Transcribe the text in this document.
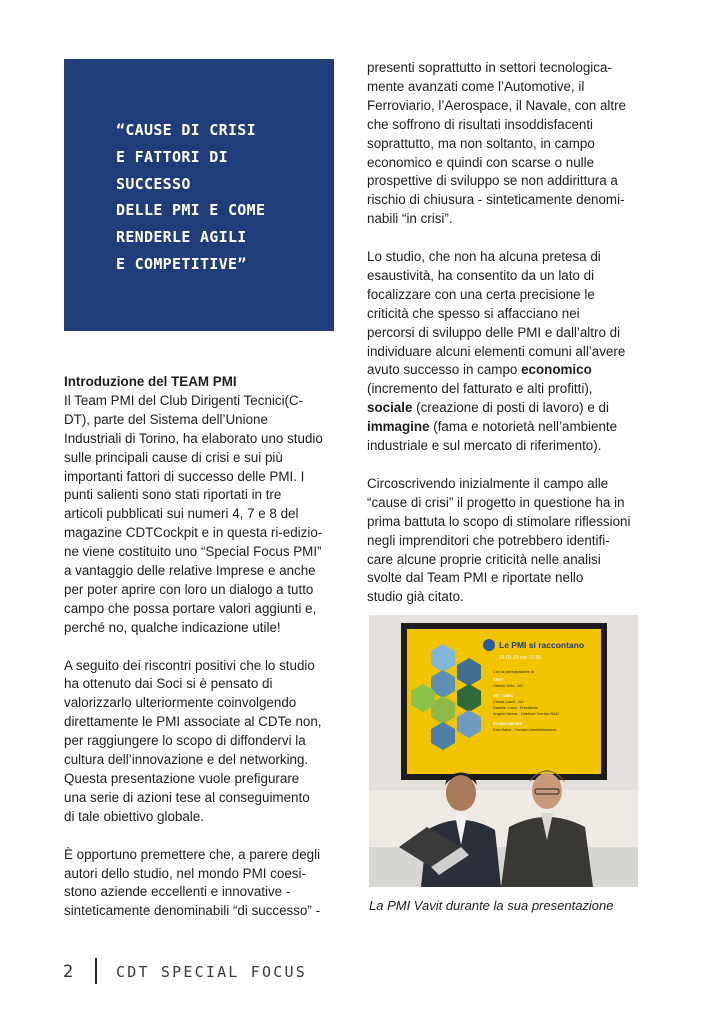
“CAUSE DI CRISI
E FATTORI DI
SUCCESSO
DELLE PMI E COME
RENDERLE AGILI
E COMPETITIVE”
Introduzione del TEAM PMI

Il Team PMI del Club Dirigenti Tecnici(C-
DT), parte del Sistema dell’Unione
Industriali di Torino, ha elaborato uno studio
sulle principali cause di crisi e sui più
importanti fattori di successo delle PMI. I
punti salienti sono stati riportati in tre
articoli pubblicati sui numeri 4, 7 e 8 del
magazine CDTCockpit e in questa ri-edizio-
ne viene costituito uno “Special Focus PMI”
a vantaggio delle relative Imprese e anche
per poter aprire con loro un dialogo a tutto
campo che possa portare valori aggiunti e,
perché no, qualche indicazione utile!

A seguito dei riscontri positivi che lo studio
ha ottenuto dai Soci si è pensato di
valorizzarlo ulteriormente coinvolgendo
direttamente le PMI associate al CDTe non,
per raggiungere lo scopo di diffondervi la
cultura dell’innovazione e del networking.
Questa presentazione vuole prefigurare
una serie di azioni tese al conseguimento
di tale obiettivo globale.

È opportuno premettere che, a parere degli
autori dello studio, nel mondo PMI coesi-
stono aziende eccellenti e innovative -
sinteticamente denominabili “di successo” -

presenti soprattutto in settori tecnologica-
mente avanzati come l’Automotive, il
Ferroviario, l’Aerospace, il Navale, con altre
che soffrono di risultati insoddisfacenti
soprattutto, ma non soltanto, in campo
economico e quindi con scarse o nulle
prospettive di sviluppo se non addirittura a
rischio di chiusura - sinteticamente denomi-
nabili “in crisi”.

Lo studio, che non ha alcuna pretesa di
esaustività, ha consentito da un lato di
focalizzare con una certa precisione le
criticità che spesso si affacciano nei
percorsi di sviluppo delle PMI e dall’altro di
individuare alcuni elementi comuni all’avere
avuto successo in campo economico
(incremento del fatturato e alti profitti),
sociale (creazione di posti di lavoro) e di
immagine (fama e notorietà nell’ambiente
industriale e sul mercato di riferimento).

Circoscrivendo inizialmente il campo alle
“cause di crisi” il progetto in questione ha in
prima battuta lo scopo di stimolare riflessioni
negli imprenditori che potrebbero identifi-
care alcune proprie criticità nelle analisi
svolte dal Team PMI e riportate nello
studio già citato.

Le PMI si raccontano
24.01.23 ore 17:30
Con la partecipazione di
VAVIT
Ottavio Vella - AD
SET TORIC
Chiara Canei - AD
Daniele Cuchi - Presidente
Angelo Varese - Direttore Tecnico R&D
STUDIO MEGEN
Ezio Ratso - Tecnica Amministrazione
La PMI Vavit durante la sua presentazione
2	CDT SPECIAL FOCUS
